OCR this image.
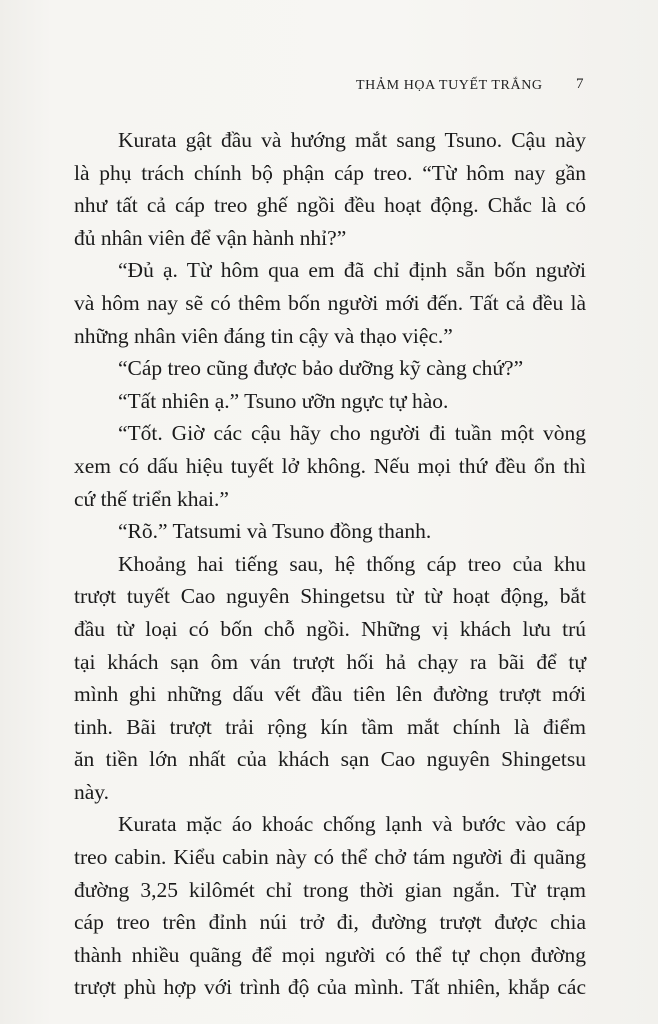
THẢM HỌA TUYẾT TRẮNG 7
Kurata gật đầu và hướng mắt sang Tsuno. Cậu này
là phụ trách chính bộ phận cáp treo. “Từ hôm nay gần
như tất cả cáp treo ghế ngồi đều hoạt động. Chắc là có
đủ nhân viên để vận hành nhỉ?”
“Đủ ạ. Từ hôm qua em đã chỉ định sẵn bốn người
và hôm nay sẽ có thêm bốn người mới đến. Tất cả đều là
những nhân viên đáng tin cậy và thạo việc.”
“Cáp treo cũng được bảo dưỡng kỹ càng chứ?”
“Tất nhiên ạ.” Tsuno ưỡn ngực tự hào.
“Tốt. Giờ các cậu hãy cho người đi tuần một vòng
xem có dấu hiệu tuyết lở không. Nếu mọi thứ đều ổn thì
cứ thế triển khai.”
“Rõ.” Tatsumi và Tsuno đồng thanh.
Khoảng hai tiếng sau, hệ thống cáp treo của khu
trượt tuyết Cao nguyên Shingetsu từ từ hoạt động, bắt
đầu từ loại có bốn chỗ ngồi. Những vị khách lưu trú
tại khách sạn ôm ván trượt hối hả chạy ra bãi để tự
mình ghi những dấu vết đầu tiên lên đường trượt mới
tinh. Bãi trượt trải rộng kín tầm mắt chính là điểm
ăn tiền lớn nhất của khách sạn Cao nguyên Shingetsu
này.
Kurata mặc áo khoác chống lạnh và bước vào cáp
treo cabin. Kiểu cabin này có thể chở tám người đi quãng
đường 3,25 kilômét chỉ trong thời gian ngắn. Từ trạm
cáp treo trên đỉnh núi trở đi, đường trượt được chia
thành nhiều quãng để mọi người có thể tự chọn đường
trượt phù hợp với trình độ của mình. Tất nhiên, khắp các
